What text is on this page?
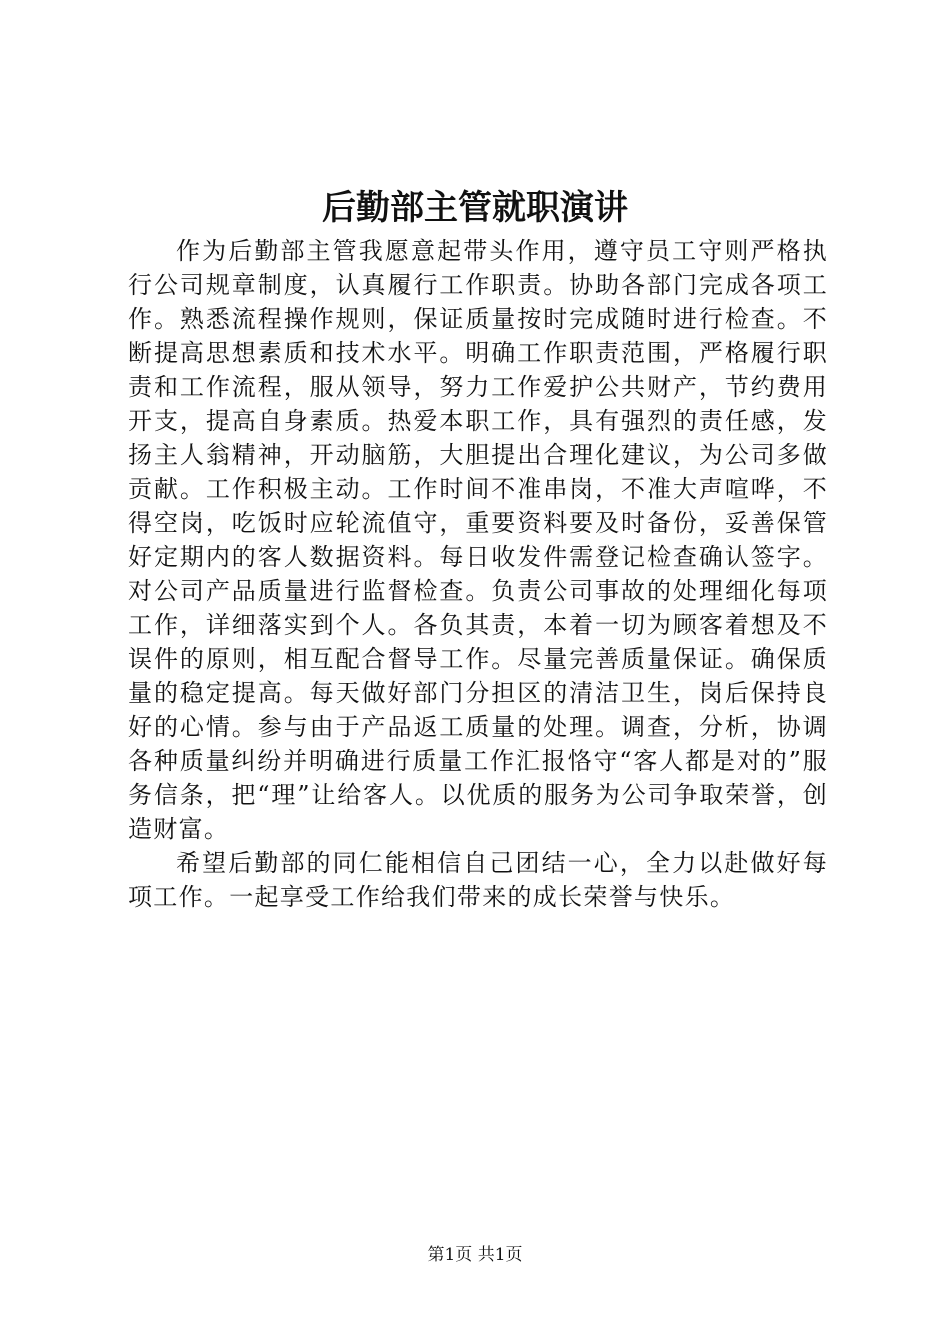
后勤部主管就职演讲

作为后勤部主管我愿意起带头作用，遵守员工守则严格执行公司规章制度，认真履行工作职责。协助各部门完成各项工作。熟悉流程操作规则，保证质量按时完成随时进行检查。不断提高思想素质和技术水平。明确工作职责范围，严格履行职责和工作流程，服从领导，努力工作爱护公共财产，节约费用开支，提高自身素质。热爱本职工作，具有强烈的责任感，发扬主人翁精神，开动脑筋，大胆提出合理化建议，为公司多做贡献。工作积极主动。工作时间不准串岗，不准大声喧哗，不得空岗，吃饭时应轮流值守，重要资料要及时备份，妥善保管好定期内的客人数据资料。每日收发件需登记检查确认签字。对公司产品质量进行监督检查。负责公司事故的处理细化每项工作，详细落实到个人。各负其责，本着一切为顾客着想及不误件的原则，相互配合督导工作。尽量完善质量保证。确保质量的稳定提高。每天做好部门分担区的清洁卫生，岗后保持良好的心情。参与由于产品返工质量的处理。调查，分析，协调各种质量纠纷并明确进行质量工作汇报恪守“客人都是对的”服务信条，把“理”让给客人。以优质的服务为公司争取荣誉，创造财富。

希望后勤部的同仁能相信自己团结一心，全力以赴做好每项工作。一起享受工作给我们带来的成长荣誉与快乐。

第1页 共1页
